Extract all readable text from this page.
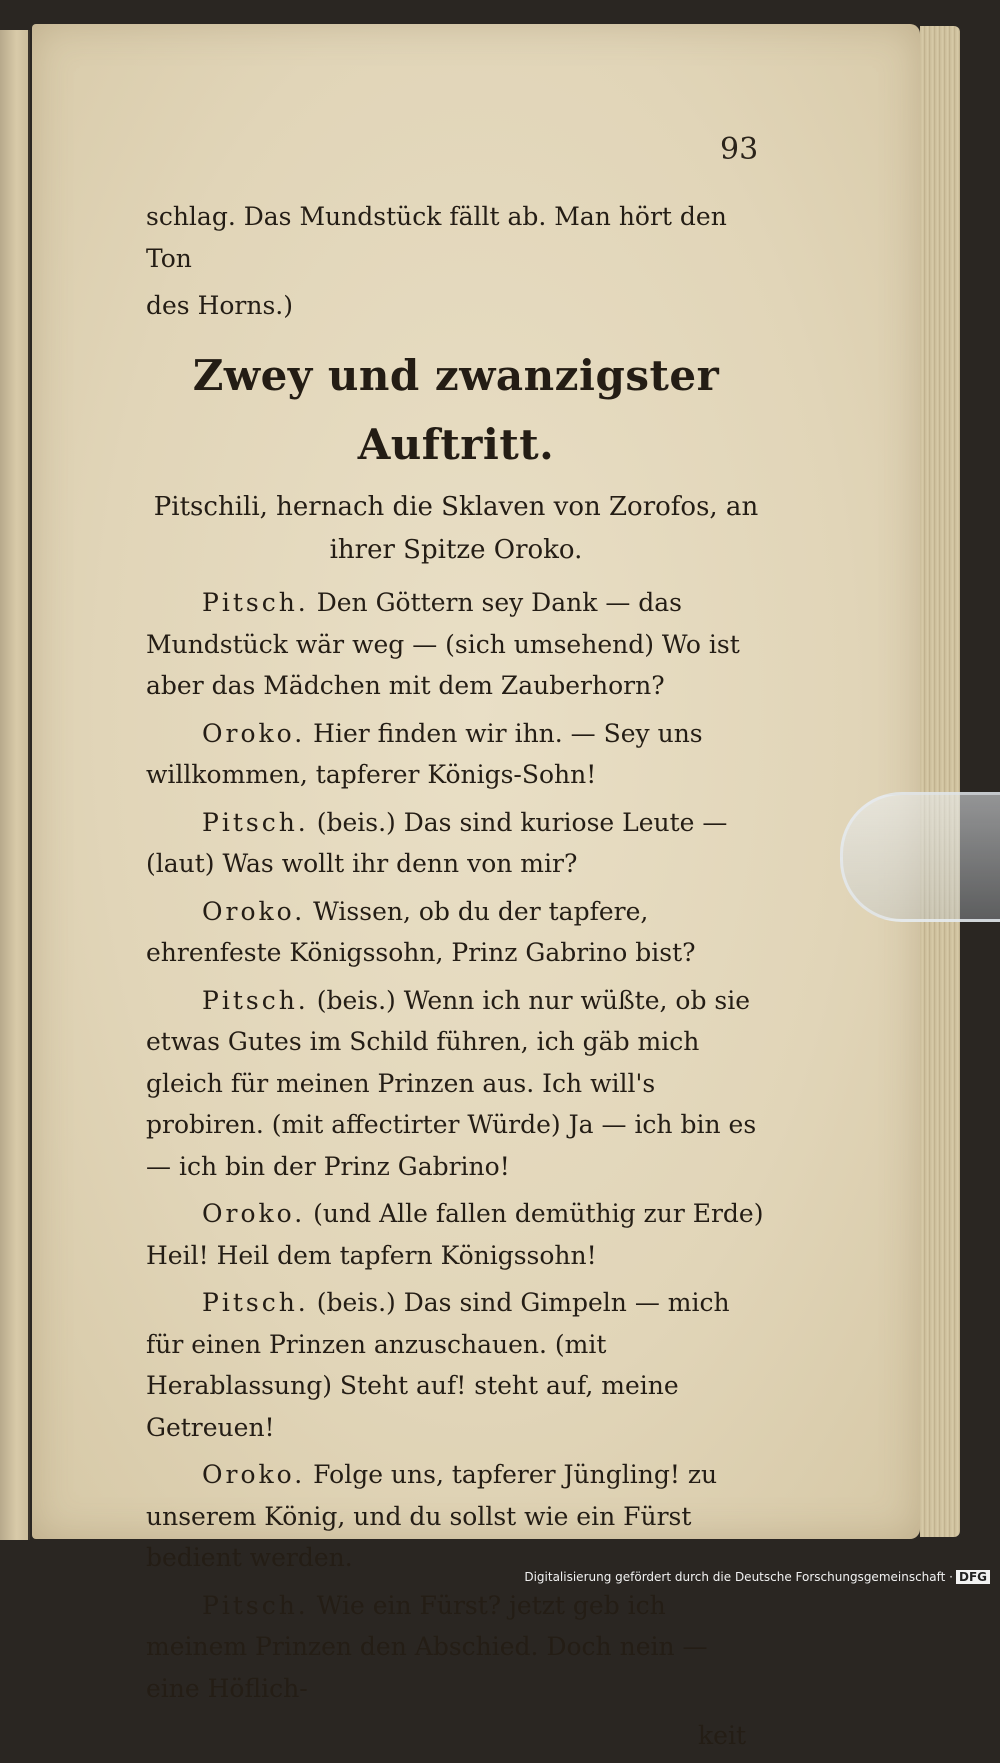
93

schlag. Das Mundstück fällt ab. Man hört den Ton

des Horns.)

Zwey und zwanzigster Auftritt.
Pitschili, hernach die Sklaven von Zorofos, an
ihrer Spitze Oroko.

Pitsch. Den Göttern sey Dank — das Mundstück wär weg — (sich umsehend) Wo ist aber das Mädchen mit dem Zauberhorn?

Oroko. Hier finden wir ihn. — Sey uns willkommen, tapferer Königs-Sohn!

Pitsch. (beis.) Das sind kuriose Leute — (laut) Was wollt ihr denn von mir?

Oroko. Wissen, ob du der tapfere, ehrenfeste Königssohn, Prinz Gabrino bist?

Pitsch. (beis.) Wenn ich nur wüßte, ob sie etwas Gutes im Schild führen, ich gäb mich gleich für meinen Prinzen aus. Ich will's probiren. (mit affectirter Würde) Ja — ich bin es — ich bin der Prinz Gabrino!

Oroko. (und Alle fallen demüthig zur Erde) Heil! Heil dem tapfern Königssohn!

Pitsch. (beis.) Das sind Gimpeln — mich für einen Prinzen anzuschauen. (mit Herablassung) Steht auf! steht auf, meine Getreuen!

Oroko. Folge uns, tapferer Jüngling! zu unserem König, und du sollst wie ein Fürst bedient werden.

Pitsch. Wie ein Fürst? jetzt geb ich meinem Prinzen den Abschied. Doch nein — eine Höflich-

keit

Digitalisierung gefördert durch die Deutsche Forschungsgemeinschaft · DFG
